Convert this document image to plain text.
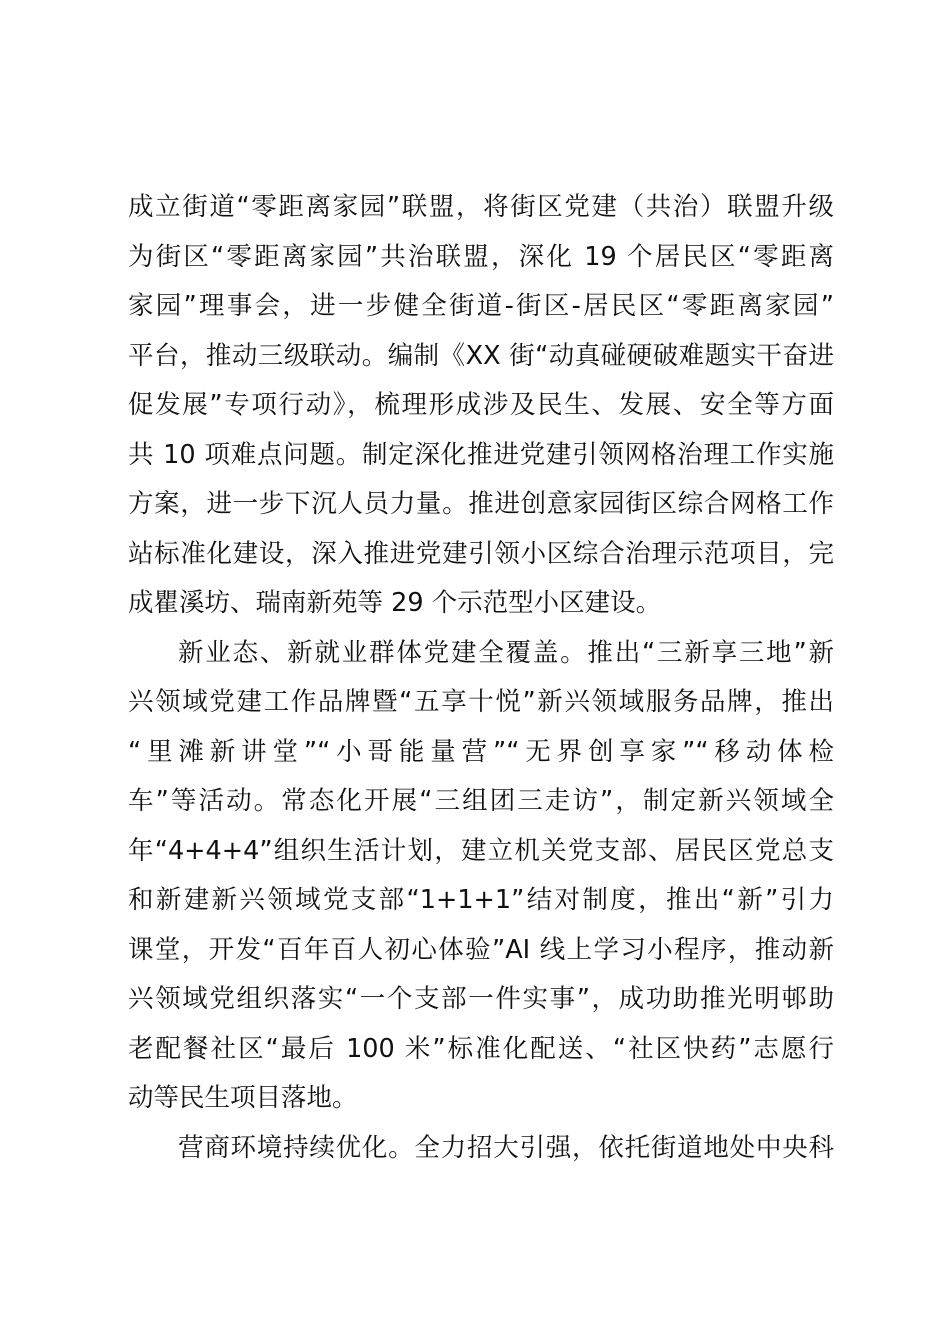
成立街道“零距离家园”联盟，将街区党建（共治）联盟升级
为街区“零距离家园”共治联盟，深化 19 个居民区“零距离
家园”理事会，进一步健全街道-街区-居民区“零距离家园”
平台，推动三级联动。编制《XX 街“动真碰硬破难题实干奋进
促发展”专项行动》，梳理形成涉及民生、发展、安全等方面
共 10 项难点问题。制定深化推进党建引领网格治理工作实施
方案，进一步下沉人员力量。推进创意家园街区综合网格工作
站标准化建设，深入推进党建引领小区综合治理示范项目，完
成瞿溪坊、瑞南新苑等 29 个示范型小区建设。
新业态、新就业群体党建全覆盖。推出“三新享三地”新
兴领域党建工作品牌暨“五享十悦”新兴领域服务品牌，推出
“里滩新讲堂”“小哥能量营”“无界创享家”“移动体检
车”等活动。常态化开展“三组团三走访”，制定新兴领域全
年“4+4+4”组织生活计划，建立机关党支部、居民区党总支
和新建新兴领域党支部“1+1+1”结对制度，推出“新”引力
课堂，开发“百年百人初心体验”AI 线上学习小程序，推动新
兴领域党组织落实“一个支部一件实事”，成功助推光明邨助
老配餐社区“最后 100 米”标准化配送、“社区快药”志愿行
动等民生项目落地。
营商环境持续优化。全力招大引强，依托街道地处中央科
